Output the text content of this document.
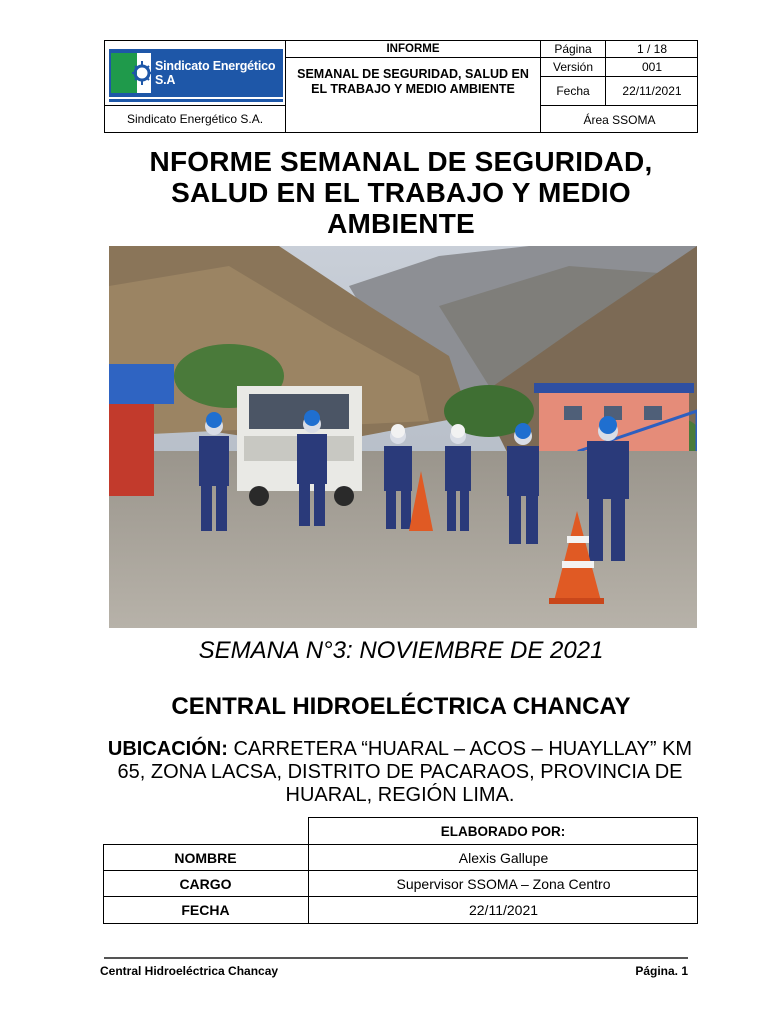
Sindicato Energético S.A
Sindicato Energético S.A.
INFORME
SEMANAL DE SEGURIDAD, SALUD EN EL TRABAJO Y MEDIO AMBIENTE
Página	1 / 18
Versión	001
Fecha	22/11/2021
Área SSOMA
NFORME SEMANAL DE SEGURIDAD, SALUD EN EL TRABAJO Y MEDIO AMBIENTE
SEMANA N°3: NOVIEMBRE DE 2021
CENTRAL HIDROELÉCTRICA CHANCAY
UBICACIÓN: CARRETERA “HUARAL – ACOS – HUAYLLAY” KM 65, ZONA LACSA, DISTRITO DE PACARAOS, PROVINCIA DE HUARAL, REGIÓN LIMA.
ELABORADO POR:
NOMBRE	Alexis Gallupe
CARGO	Supervisor SSOMA – Zona Centro
FECHA	22/11/2021
Central Hidroeléctrica Chancay	Página. 1
